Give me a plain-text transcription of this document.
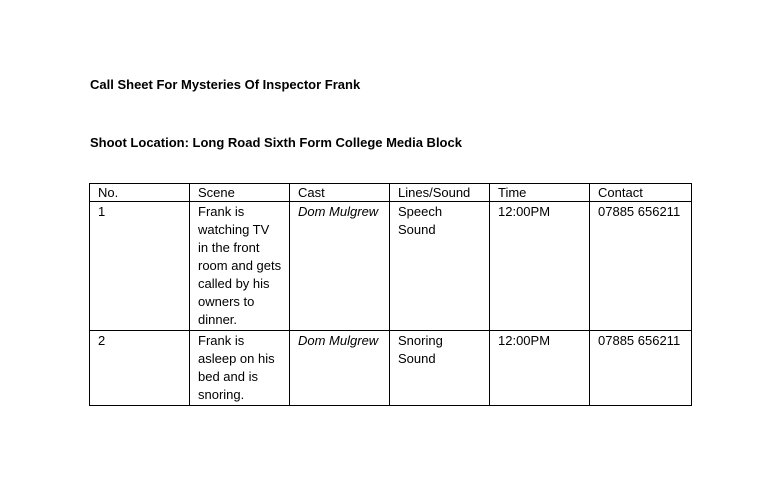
Call Sheet For Mysteries Of Inspector Frank
Shoot Location: Long Road Sixth Form College Media Block
No.	Scene	Cast	Lines/Sound	Time	Contact
1	Frank is watching TV in the front room and gets called by his owners to dinner.	Dom Mulgrew	Speech Sound	12:00PM	07885 656211
2	Frank is asleep on his bed and is snoring.	Dom Mulgrew	Snoring Sound	12:00PM	07885 656211
